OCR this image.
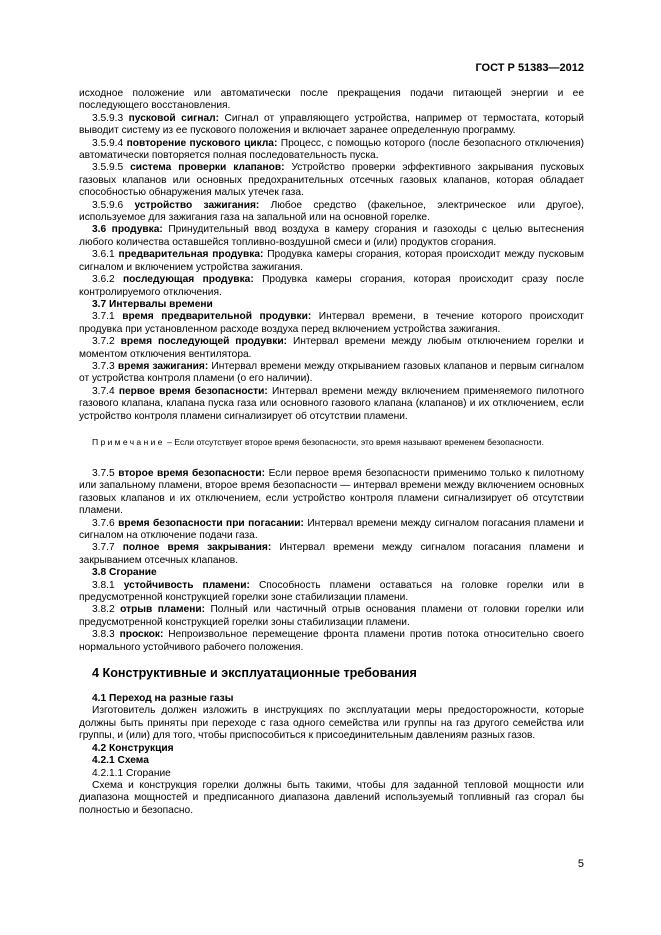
ГОСТ Р 51383—2012

исходное положение или автоматически после прекращения подачи питающей энергии и ее последующего восстановления.

3.5.9.3 пусковой сигнал: Сигнал от управляющего устройства, например от термостата, который выводит систему из ее пускового положения и включает заранее определенную программу.

3.5.9.4 повторение пускового цикла: Процесс, с помощью которого (после безопасного отключения) автоматически повторяется полная последовательность пуска.

3.5.9.5 система проверки клапанов: Устройство проверки эффективного закрывания пусковых газовых клапанов или основных предохранительных отсечных газовых клапанов, которая обладает способностью обнаружения малых утечек газа.

3.5.9.6 устройство зажигания: Любое средство (факельное, электрическое или другое), используемое для зажигания газа на запальной или на основной горелке.

3.6 продувка: Принудительный ввод воздуха в камеру сгорания и газоходы с целью вытеснения любого количества оставшейся топливно-воздушной смеси и (или) продуктов сгорания.

3.6.1 предварительная продувка: Продувка камеры сгорания, которая происходит между пусковым сигналом и включением устройства зажигания.

3.6.2 последующая продувка: Продувка камеры сгорания, которая происходит сразу после контролируемого отключения.

3.7 Интервалы времени

3.7.1 время предварительной продувки: Интервал времени, в течение которого происходит продувка при установленном расходе воздуха перед включением устройства зажигания.

3.7.2 время последующей продувки: Интервал времени между любым отключением горелки и моментом отключения вентилятора.

3.7.3 время зажигания: Интервал времени между открыванием газовых клапанов и первым сигналом от устройства контроля пламени (о его наличии).

3.7.4 первое время безопасности: Интервал времени между включением применяемого пилотного газового клапана, клапана пуска газа или основного газового клапана (клапанов) и их отключением, если устройство контроля пламени сигнализирует об отсутствии пламени.

Примечание – Если отсутствует второе время безопасности, это время называют временем безопасности.

3.7.5 второе время безопасности: Если первое время безопасности применимо только к пилотному или запальному пламени, второе время безопасности — интервал времени между включением основных газовых клапанов и их отключением, если устройство контроля пламени сигнализирует об отсутствии пламени.

3.7.6 время безопасности при погасании: Интервал времени между сигналом погасания пламени и сигналом на отключение подачи газа.

3.7.7 полное время закрывания: Интервал времени между сигналом погасания пламени и закрыванием отсечных клапанов.

3.8 Сгорание

3.8.1 устойчивость пламени: Способность пламени оставаться на головке горелки или в предусмотренной конструкцией горелки зоне стабилизации пламени.

3.8.2 отрыв пламени: Полный или частичный отрыв основания пламени от головки горелки или предусмотренной конструкцией горелки зоны стабилизации пламени.

3.8.3 проскок: Непроизвольное перемещение фронта пламени против потока относительно своего нормального устойчивого рабочего положения.

4 Конструктивные и эксплуатационные требования

4.1 Переход на разные газы

Изготовитель должен изложить в инструкциях по эксплуатации меры предосторожности, которые должны быть приняты при переходе с газа одного семейства или группы на газ другого семейства или группы, и (или) для того, чтобы приспособиться к присоединительным давлениям разных газов.

4.2 Конструкция

4.2.1 Схема

4.2.1.1 Сгорание

Схема и конструкция горелки должны быть такими, чтобы для заданной тепловой мощности или диапазона мощностей и предписанного диапазона давлений используемый топливный газ сгорал бы полностью и безопасно.

5
